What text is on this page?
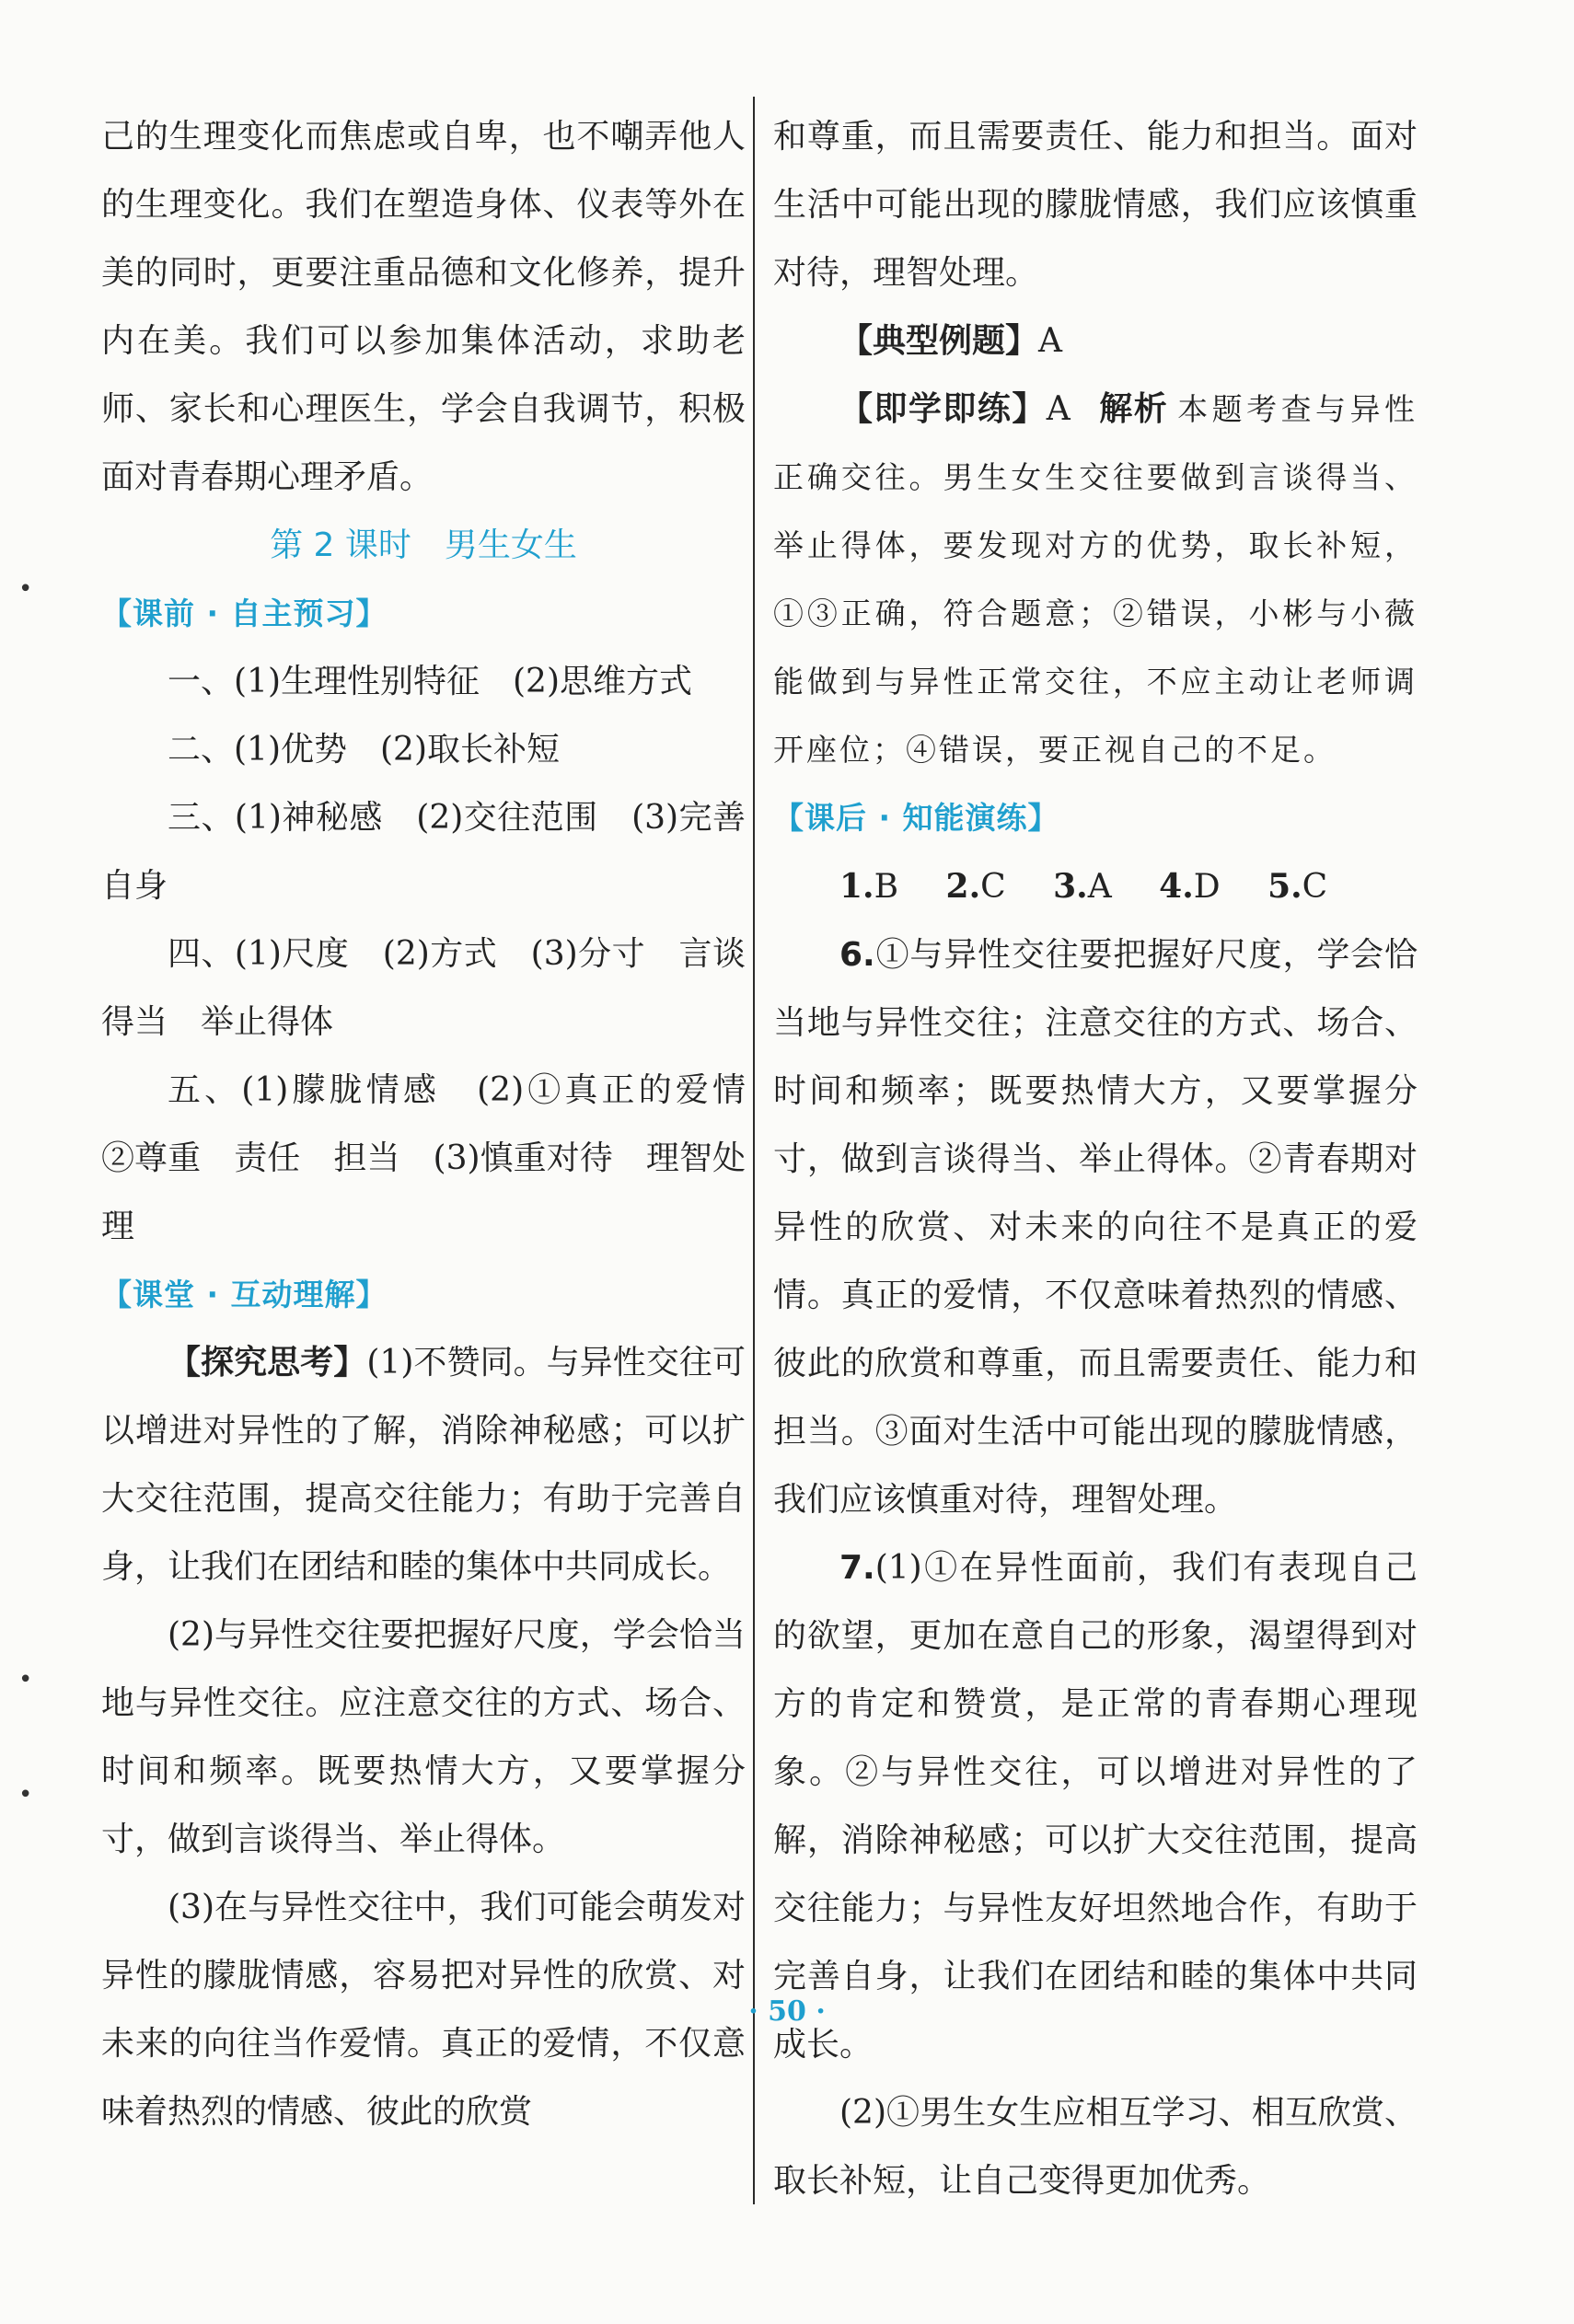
•
•
•

己的生理变化而焦虑或自卑，也不嘲弄他人的生理变化。我们在塑造身体、仪表等外在美的同时，更要注重品德和文化修养，提升内在美。我们可以参加集体活动，求助老师、家长和心理医生，学会自我调节，积极面对青春期心理矛盾。

第 2 课时　男生女生

【课前 · 自主预习】

一、(1)生理性别特征　(2)思维方式

二、(1)优势　(2)取长补短

三、(1)神秘感　(2)交往范围　(3)完善自身

四、(1)尺度　(2)方式　(3)分寸　言谈得当　举止得体

五、(1)朦胧情感　(2)①真正的爱情　②尊重　责任　担当　(3)慎重对待　理智处理

【课堂 · 互动理解】

【探究思考】(1)不赞同。与异性交往可以增进对异性的了解，消除神秘感；可以扩大交往范围，提高交往能力；有助于完善自身，让我们在团结和睦的集体中共同成长。

(2)与异性交往要把握好尺度，学会恰当地与异性交往。应注意交往的方式、场合、时间和频率。既要热情大方，又要掌握分寸，做到言谈得当、举止得体。

(3)在与异性交往中，我们可能会萌发对异性的朦胧情感，容易把对异性的欣赏、对未来的向往当作爱情。真正的爱情，不仅意味着热烈的情感、彼此的欣赏

和尊重，而且需要责任、能力和担当。面对生活中可能出现的朦胧情感，我们应该慎重对待，理智处理。

【典型例题】A

【即学即练】A 解析 本题考查与异性正确交往。男生女生交往要做到言谈得当、举止得体，要发现对方的优势，取长补短，①③正确，符合题意；②错误，小彬与小薇能做到与异性正常交往，不应主动让老师调开座位；④错误，要正视自己的不足。

【课后 · 知能演练】

1.B 2.C 3.A 4.D 5.C

6.①与异性交往要把握好尺度，学会恰当地与异性交往；注意交往的方式、场合、时间和频率；既要热情大方，又要掌握分寸，做到言谈得当、举止得体。②青春期对异性的欣赏、对未来的向往不是真正的爱情。真正的爱情，不仅意味着热烈的情感、彼此的欣赏和尊重，而且需要责任、能力和担当。③面对生活中可能出现的朦胧情感，我们应该慎重对待，理智处理。

7.(1)①在异性面前，我们有表现自己的欲望，更加在意自己的形象，渴望得到对方的肯定和赞赏，是正常的青春期心理现象。②与异性交往，可以增进对异性的了解，消除神秘感；可以扩大交往范围，提高交往能力；与异性友好坦然地合作，有助于完善自身，让我们在团结和睦的集体中共同成长。

(2)①男生女生应相互学习、相互欣赏、取长补短，让自己变得更加优秀。

· 50 ·
